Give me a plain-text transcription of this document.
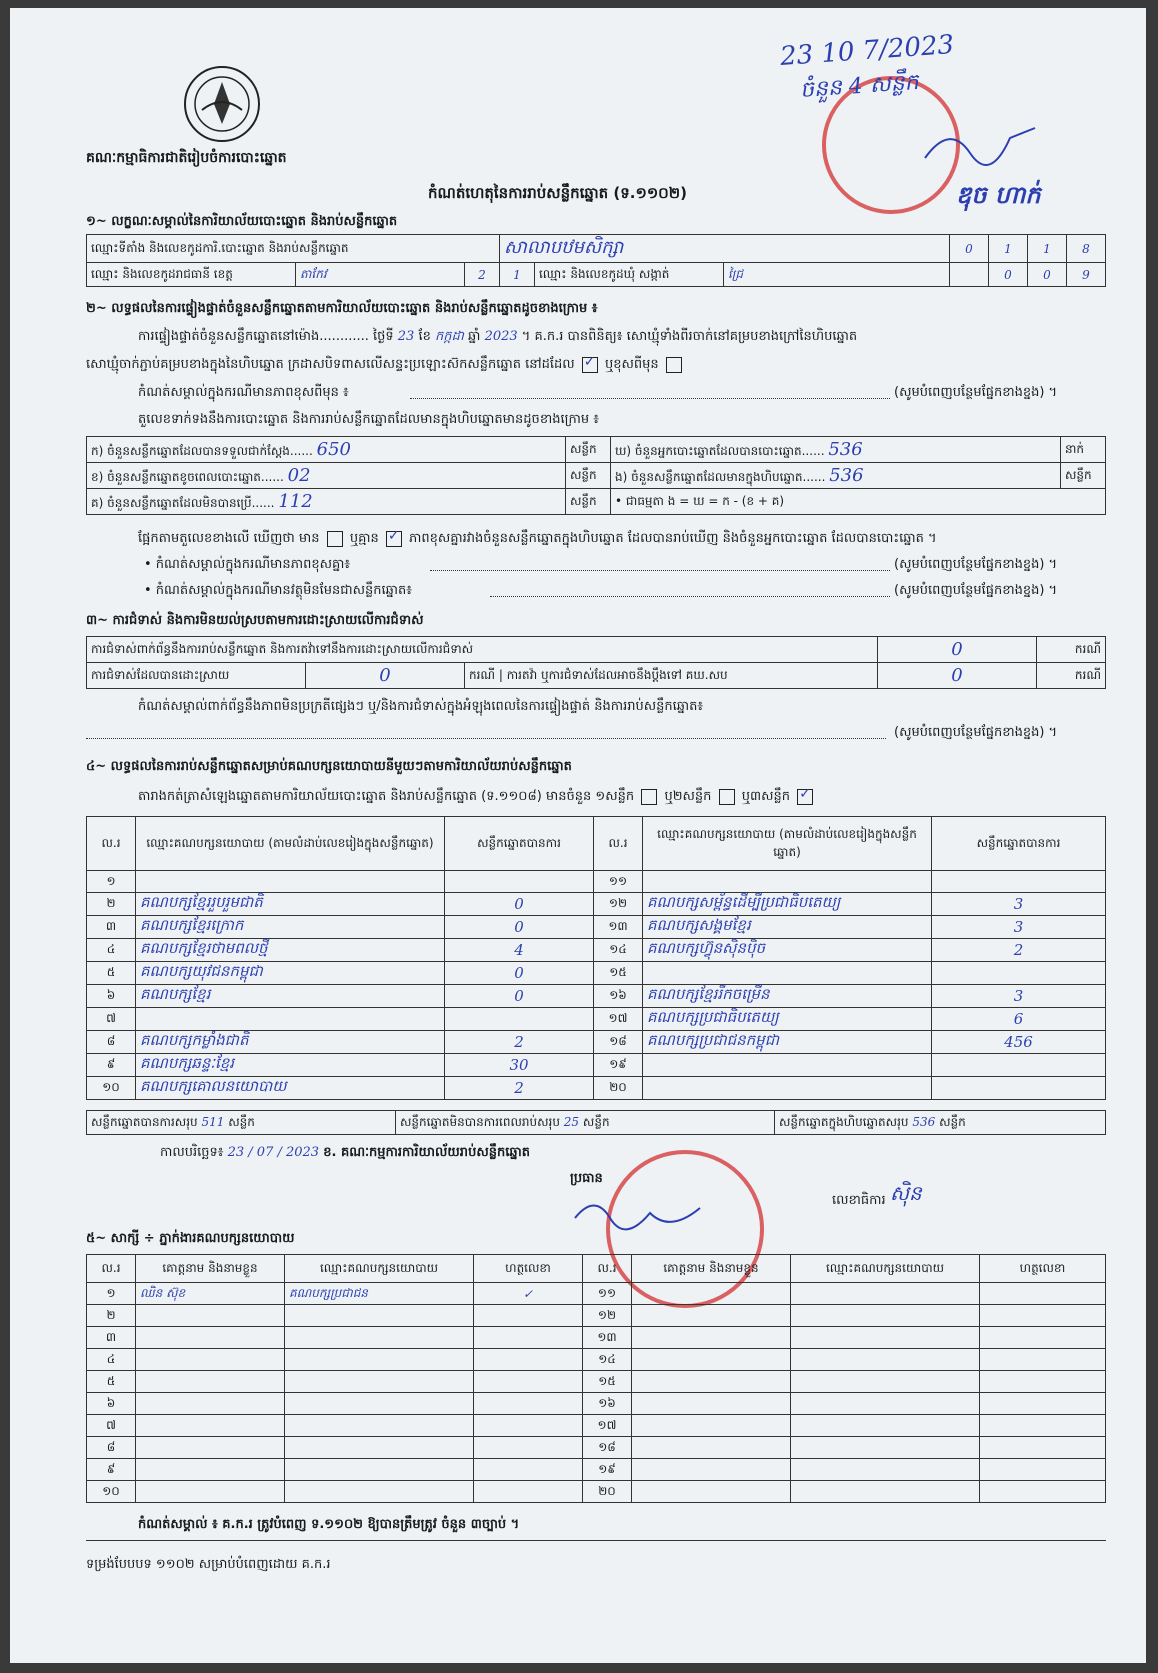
គណៈកម្មាធិការជាតិរៀបចំការបោះឆ្នោត
23 10 7/2023
ចំនួន 4 សន្លឹក
ឌុច ហាក់
កំណត់ហេតុនៃការរាប់សន្លឹកឆ្នោត (ទ.១១០២)
១~ លក្ខណៈសម្គាល់នៃការិយាល័យបោះឆ្នោត និងរាប់សន្លឹកឆ្នោត
ឈ្មោះទីតាំង និងលេខកូដការិ.បោះឆ្នោត និងរាប់សន្លឹកឆ្នោត			សាលាបឋមសិក្សា			0	1	1	8
ឈ្មោះ និងលេខកូដរាជធានី ខេត្ត	តាកែវ	2	1	ឈ្មោះ និងលេខកូដឃុំ សង្កាត់	ជ្រៃ		0	0	9
២~ លទ្ធផលនៃការផ្ទៀងផ្ទាត់ចំនួនសន្លឹកឆ្នោតតាមការិយាល័យបោះឆ្នោត និងរាប់សន្លឹកឆ្នោតដូចខាងក្រោម ៖
ការផ្ទៀងផ្ទាត់ចំនួនសន្លឹកឆ្នោតនៅម៉ោង............ ថ្ងៃទី 23 ខែ កក្កដា ឆ្នាំ 2023 ។ គ.ក.រ បានពិនិត្យ៖ សោឃ្មុំទាំងពីរចាក់នៅគម្របខាងក្រៅនៃហិបឆ្នោត
សោឃ្មុំចាក់ភ្ជាប់គម្របខាងក្នុងនៃហិបឆ្នោត ក្រដាសបិទពាសលើសន្ទះប្រឡោះស៊កសន្លឹកឆ្នោត នៅដដែល ✓ ឬខុសពីមុន
កំណត់សម្គាល់ក្នុងករណីមានភាពខុសពីមុន ៖	(សូមបំពេញបន្ថែមផ្នែកខាងខ្នង) ។
តួលេខទាក់ទងនឹងការបោះឆ្នោត និងការរាប់សន្លឹកឆ្នោតដែលមានក្នុងហិបឆ្នោតមានដូចខាងក្រោម ៖
ក) ចំនួនសន្លឹកឆ្នោតដែលបានទទួលជាក់ស្តែង...... 650	សន្លឹក	ឃ) ចំនួនអ្នកបោះឆ្នោតដែលបានបោះឆ្នោត...... 536	នាក់
ខ) ចំនួនសន្លឹកឆ្នោតខូចពេលបោះឆ្នោត...... 02	សន្លឹក	ង) ចំនួនសន្លឹកឆ្នោតដែលមានក្នុងហិបឆ្នោត...... 536	សន្លឹក
គ) ចំនួនសន្លឹកឆ្នោតដែលមិនបានប្រើ...... 112	សន្លឹក	• ជាធម្មតា ង = ឃ = ក - (ខ + គ)	
ផ្អែកតាមតួលេខខាងលើ ឃើញថា មាន ឬគ្មាន ✓ ភាពខុសគ្នារវាងចំនួនសន្លឹកឆ្នោតក្នុងហិបឆ្នោត ដែលបានរាប់ឃើញ និងចំនួនអ្នកបោះឆ្នោត ដែលបានបោះឆ្នោត ។
• កំណត់សម្គាល់ក្នុងករណីមានភាពខុសគ្នា៖	(សូមបំពេញបន្ថែមផ្នែកខាងខ្នង) ។
• កំណត់សម្គាល់ក្នុងករណីមានវត្ថុមិនមែនជាសន្លឹកឆ្នោត៖	(សូមបំពេញបន្ថែមផ្នែកខាងខ្នង) ។
៣~ ការជំទាស់ និងការមិនយល់ស្របតាមការដោះស្រាយលើការជំទាស់
ការជំទាស់ពាក់ព័ន្ធនឹងការរាប់សន្លឹកឆ្នោត និងការតវ៉ាទៅនឹងការដោះស្រាយលើការជំទាស់			0	ករណី
ការជំទាស់ដែលបានដោះស្រាយ	0	ករណី | ការតវ៉ា ឬការជំទាស់ដែលអាចនឹងប្តឹងទៅ គឃ.សប	0	ករណី
កំណត់សម្គាល់ពាក់ព័ន្ធនឹងភាពមិនប្រក្រតីផ្សេងៗ ឬ/និងការជំទាស់ក្នុងអំឡុងពេលនៃការផ្ទៀងផ្ទាត់ និងការរាប់សន្លឹកឆ្នោត៖
(សូមបំពេញបន្ថែមផ្នែកខាងខ្នង) ។
៤~ លទ្ធផលនៃការរាប់សន្លឹកឆ្នោតសម្រាប់គណបក្សនយោបាយនីមួយៗតាមការិយាល័យរាប់សន្លឹកឆ្នោត
តារាងកត់ត្រាសំឡេងឆ្នោតតាមការិយាល័យបោះឆ្នោត និងរាប់សន្លឹកឆ្នោត (ទ.១១០៨) មានចំនួន ១សន្លឹក ឬ២សន្លឹក ឬ៣សន្លឹក ✓
ល.រ	ឈ្មោះគណបក្សនយោបាយ (តាមលំដាប់លេខរៀងក្នុងសន្លឹកឆ្នោត)	សន្លឹកឆ្នោតបានការ	ល.រ	ឈ្មោះគណបក្សនយោបាយ (តាមលំដាប់លេខរៀងក្នុងសន្លឹកឆ្នោត)	សន្លឹកឆ្នោតបានការ
១			១១		
២	គណបក្សខ្មែររួបរួមជាតិ	0	១២	គណបក្សសម្ព័ន្ធដើម្បីប្រជាធិបតេយ្យ	3
៣	គណបក្សខ្មែរក្រោក	0	១៣	គណបក្សសង្គមខ្មែរ	3
៤	គណបក្សខ្មែរថាមពលថ្មី	4	១៤	គណបក្សហ៊្វុនស៊ិនប៉ិច	2
៥	គណបក្សយុវជនកម្ពុជា	0	១៥		
៦	គណបក្សខ្មែរ	0	១៦	គណបក្សខ្មែររីកចម្រើន	3
៧			១៧	គណបក្សប្រជាធិបតេយ្យ	6
៨	គណបក្សកម្លាំងជាតិ	2	១៨	គណបក្សប្រជាជនកម្ពុជា	456
៩	គណបក្សឆន្ទៈខ្មែរ	30	១៩		
១០	គណបក្សគោលនយោបាយ	2	២០		
សន្លឹកឆ្នោតបានការសរុប 511 សន្លឹក	សន្លឹកឆ្នោតមិនបានការពេលរាប់សរុប 25 សន្លឹក	សន្លឹកឆ្នោតក្នុងហិបឆ្នោតសរុប 536 សន្លឹក
កាលបរិច្ឆេទ៖ 23 / 07 / 2023 ខ. គណៈកម្មការការិយាល័យរាប់សន្លឹកឆ្នោត
ប្រធាន
លេខាធិការ ស៊ិន
៥~ សាក្សី ÷ ភ្នាក់ងារគណបក្សនយោបាយ
ល.រ	គោត្តនាម និងនាមខ្លួន	ឈ្មោះគណបក្សនយោបាយ	ហត្ថលេខា	ល.រ	គោត្តនាម និងនាមខ្លួន	ឈ្មោះគណបក្សនយោបាយ	ហត្ថលេខា
១	ឈិន ស៊ុខ	គណបក្សប្រជាជន	✓	១១			
២				១២			
៣				១៣			
៤				១៤			
៥				១៥			
៦				១៦			
៧				១៧			
៨				១៨			
៩				១៩			
១០				២០			
កំណត់សម្គាល់ ៖ គ.ក.រ ត្រូវបំពេញ ទ.១១០២ ឱ្យបានត្រឹមត្រូវ ចំនួន ៣ច្បាប់ ។
ទម្រង់បែបបទ ១១០២ សម្រាប់បំពេញដោយ គ.ក.រ
